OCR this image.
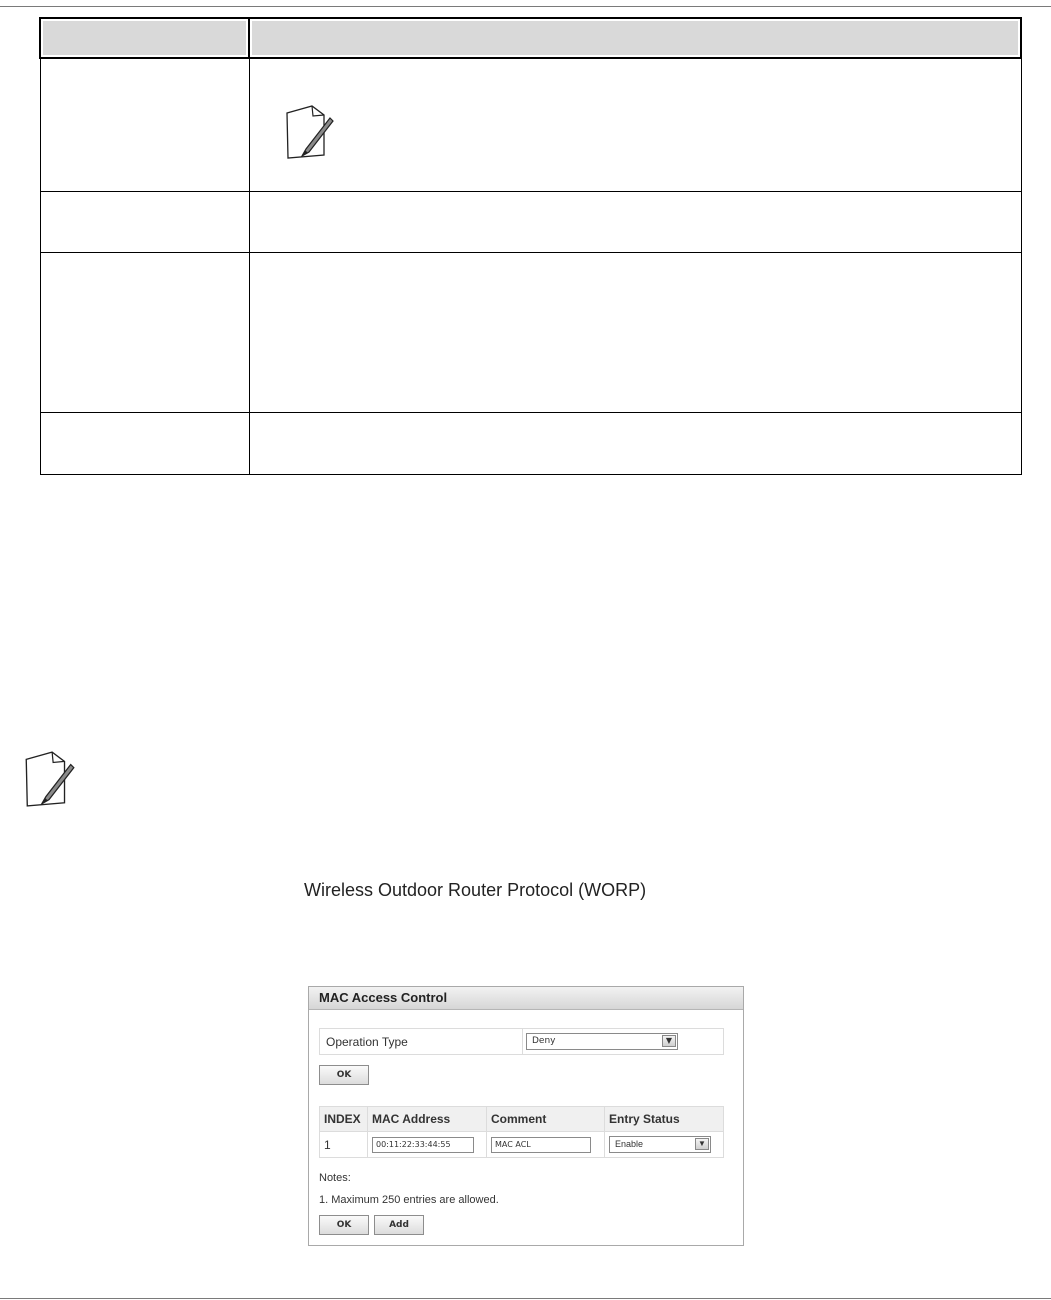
Wireless Outdoor Router Protocol (WORP)
MAC Access Control
Operation Type	Deny	▼
OK
INDEX	MAC Address	Comment	Entry Status
1	00:11:22:33:44:55	MAC ACL	Enable ▼
Notes:
1. Maximum 250 entries are allowed.
OK	Add
